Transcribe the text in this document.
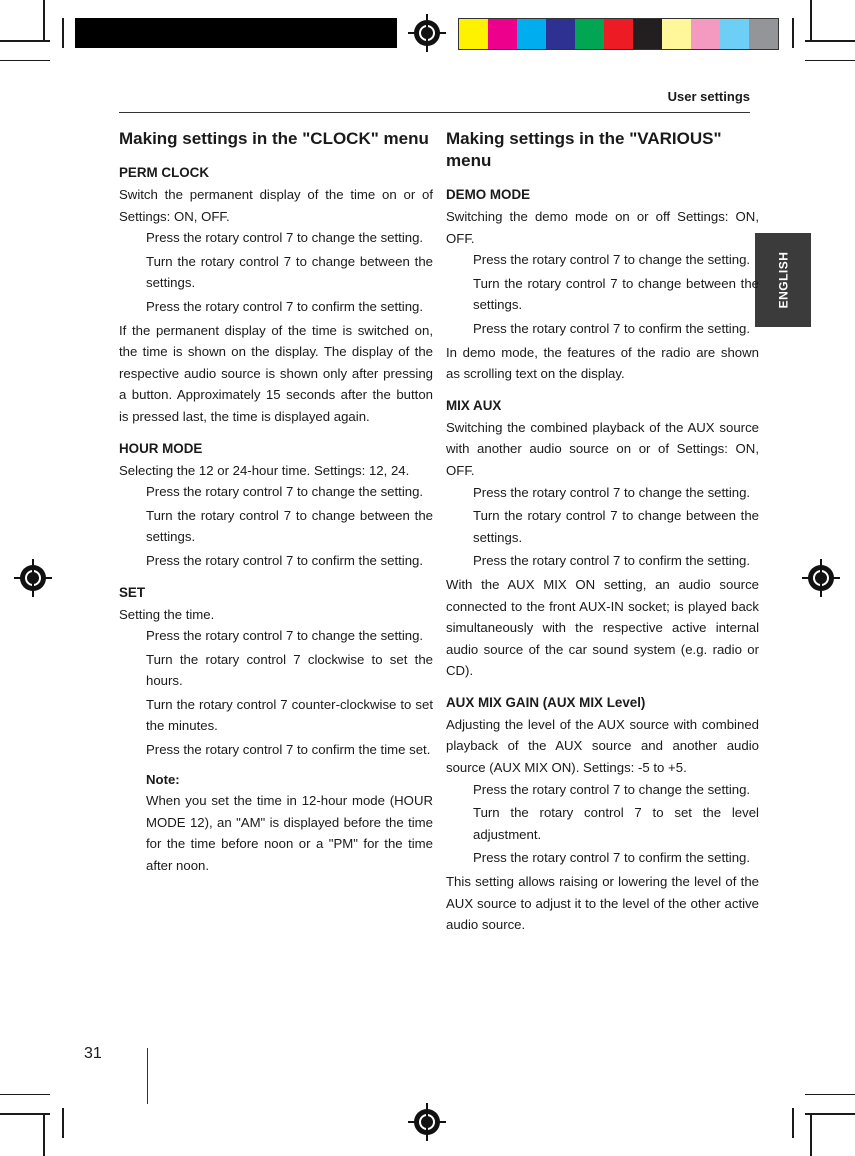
User settings
ENGLISH
Making settings in the "CLOCK" menu
PERM CLOCK

Switch the permanent display of the time on or of Settings: ON, OFF.

Press the rotary control 7 to change the setting.
Turn the rotary control 7 to change between the settings.
Press the rotary control 7 to confirm the setting.

If the permanent display of the time is switched on, the time is shown on the display. The display of the respective audio source is shown only after pressing a button. Approximately 15 seconds after the button is pressed last, the time is displayed again.

HOUR MODE

Selecting the 12 or 24-hour time. Settings: 12, 24.

Press the rotary control 7 to change the setting.
Turn the rotary control 7 to change between the settings.
Press the rotary control 7 to confirm the setting.
SET

Setting the time.

Press the rotary control 7 to change the setting.
Turn the rotary control 7 clockwise to set the hours.
Turn the rotary control 7 counter-clockwise to set the minutes.
Press the rotary control 7 to confirm the time set.
Note:
When you set the time in 12-hour mode (HOUR MODE 12), an "AM" is displayed before the time for the time before noon or a "PM" for the time after noon.
Making settings in the "VARIOUS" menu
DEMO MODE

Switching the demo mode on or off Settings: ON, OFF.

Press the rotary control 7 to change the setting.
Turn the rotary control 7 to change between the settings.
Press the rotary control 7 to confirm the setting.

In demo mode, the features of the radio are shown as scrolling text on the display.

MIX AUX

Switching the combined playback of the AUX source with another audio source on or of Settings: ON, OFF.

Press the rotary control 7 to change the setting.
Turn the rotary control 7 to change between the settings.
Press the rotary control 7 to confirm the setting.

With the AUX MIX ON setting, an audio source connected to the front AUX-IN socket; is played back simultaneously with the respective active internal audio source of the car sound system (e.g. radio or CD).

AUX MIX GAIN (AUX MIX Level)

Adjusting the level of the AUX source with combined playback of the AUX source and another audio source (AUX MIX ON). Settings: -5 to +5.

Press the rotary control 7 to change the setting.
Turn the rotary control 7 to set the level adjustment.
Press the rotary control 7 to confirm the setting.

This setting allows raising or lowering the level of the AUX source to adjust it to the level of the other active audio source.

31
